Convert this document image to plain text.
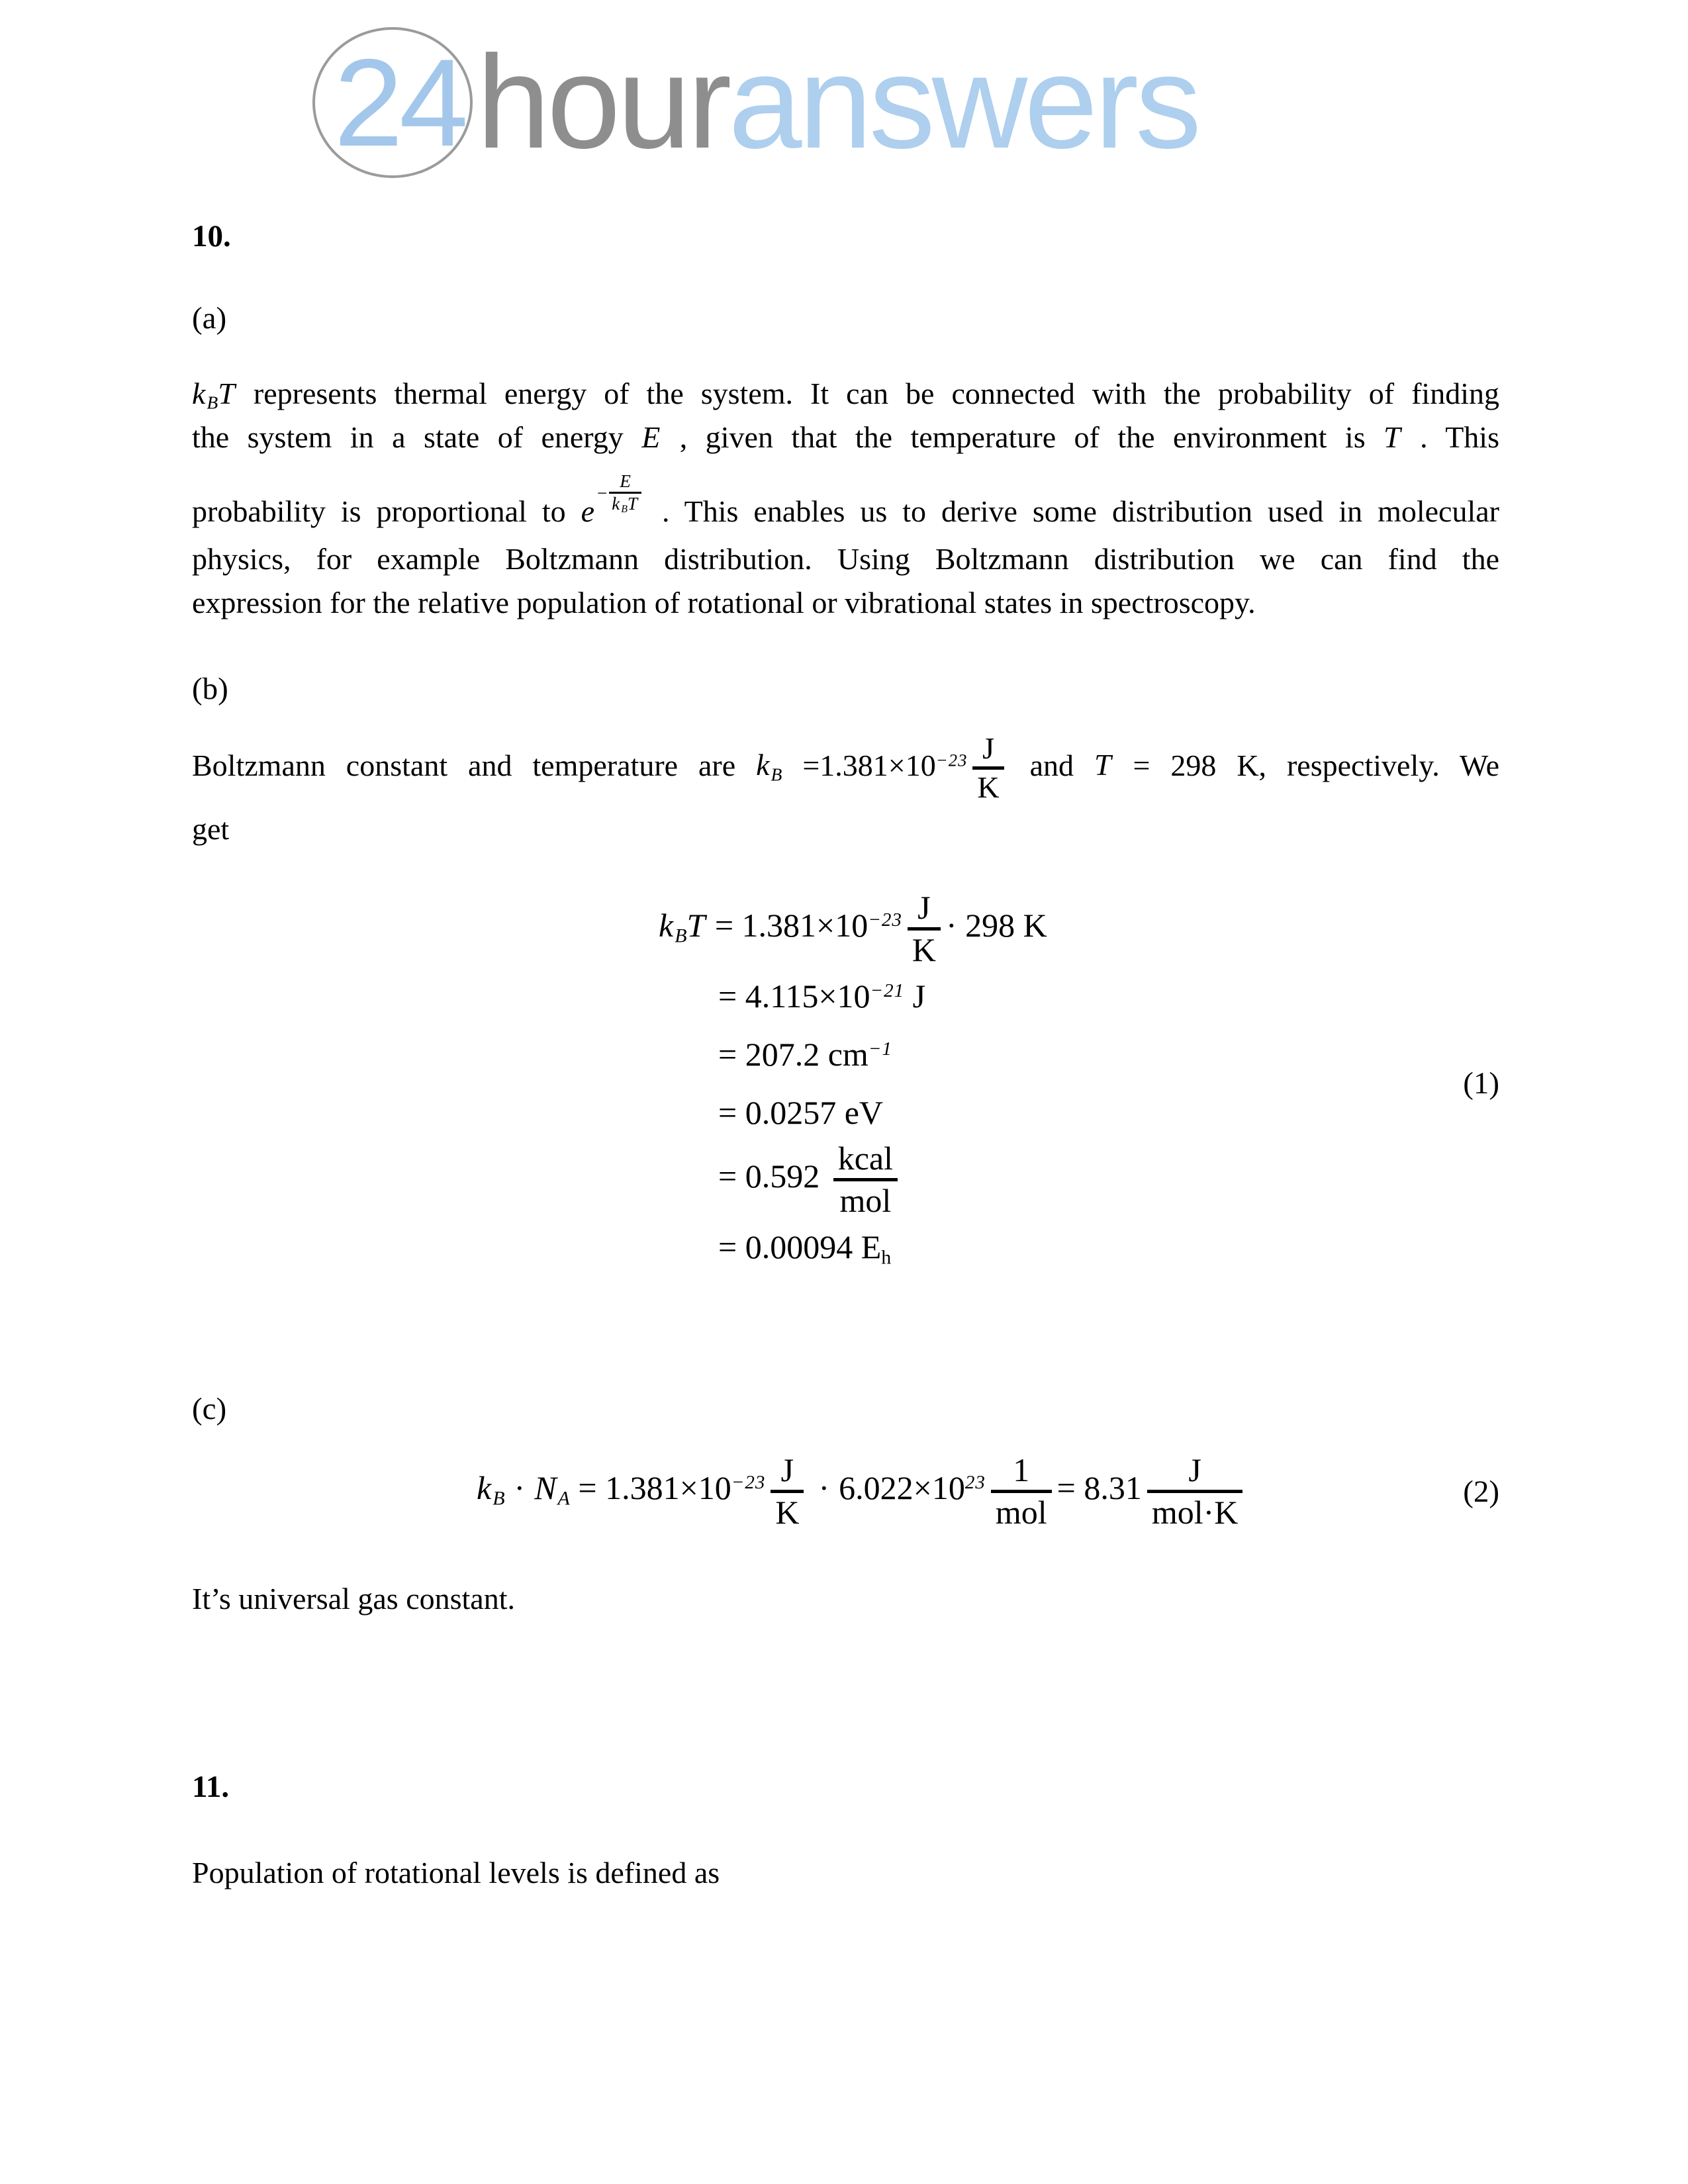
24 houranswers
10.
(a)
$k_BT$ represents thermal energy of the system. It can be connected with the probability of finding
the system in a state of energy E , given that the temperature of the environment is T . This
probability is proportional to e
−
E
k BT . This enables us to derive some distribution used in molecular
physics, for example Boltzmann distribution. Using Boltzmann distribution we can find the
expression for the relative population of rotational or vibrational states in spectroscopy.
(b)
Boltzmann constant and temperature are $k_B =1.381\times 10^{-23}$ J
K
and T = 298 K, respectively. We
get
$k_BT = 1.381\times 10^{-23}$ J
K
· 298 K
= $4.115\times 10^{-21}$ J
= 207.2 $cm^{-1}$
= 0.0257 eV
= 0.592 kcal
mol
= 0.00094 Eh
(1)
(c)
$k_B \cdot N_A = 1.381\times 10^{-23}$ J
K
· $6.022\times 10^{23}$ 1
mol
= 8.31 J
mol·K
(2)
It’s universal gas constant.
11.
Population of rotational levels is defined as
